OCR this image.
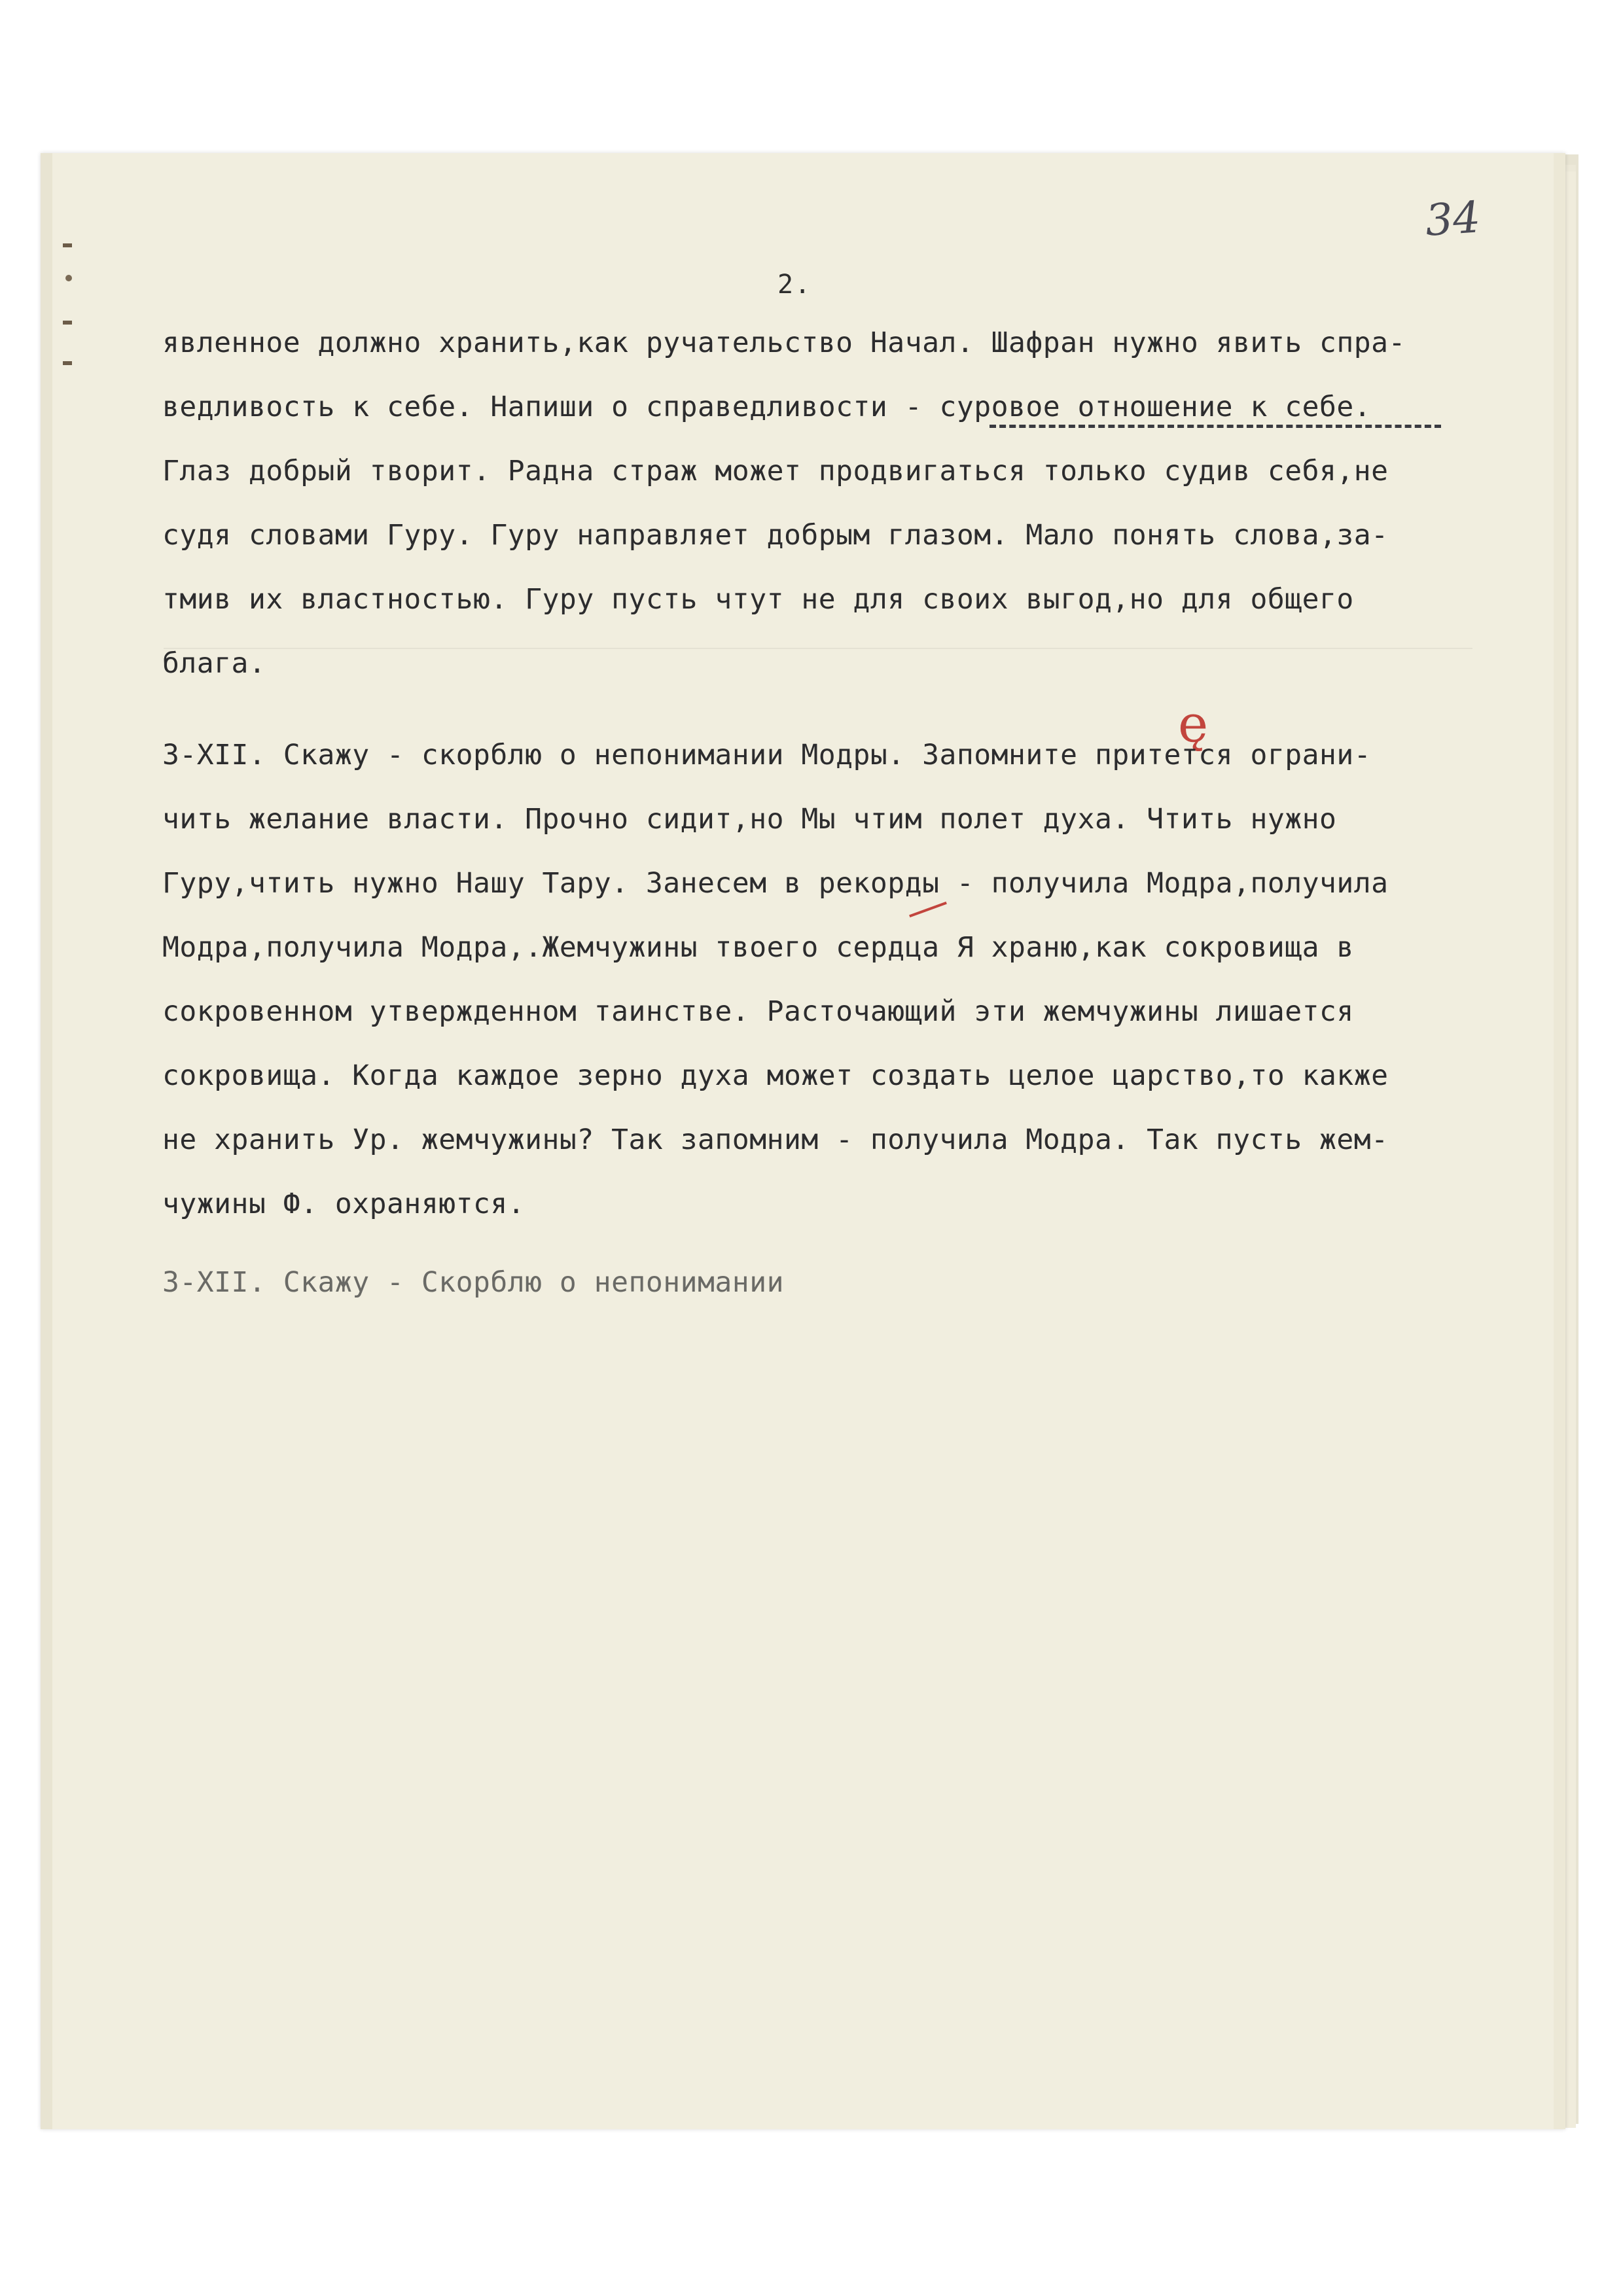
34
2.
явленное должно хранить,как ручательство Начал. Шафран нужно явить спра-
ведливость к себе. Напиши о справедливости - суровое отношение к себе.
Глаз добрый творит. Радна страж может продвигаться только судив себя,не
судя словами Гуру. Гуру направляет добрым глазом. Мало понять слова,за-
тмив их властностью. Гуру пусть чтут не для своих выгод,но для общего
блага.
ę
3-XII. Скажу - скорблю о непонимании Модры. Запомните притется ограни-
чить желание власти. Прочно сидит,но Мы чтим полет духа. Чтить нужно
Гуру,чтить нужно Нашу Тару. Занесем в рекорды - получила Модра,получила
Модра,получила Модра,.Жемчужины твоего сердца Я храню,как сокровища в
сокровенном утвержденном таинстве. Расточающий эти жемчужины лишается
сокровища. Когда каждое зерно духа может создать целое царство,то какже
не хранить Ур. жемчужины? Так запомним - получила Модра. Так пусть жем-
чужины Ф. охраняются.
3-XII. Скажу - Скорблю о непонимании
